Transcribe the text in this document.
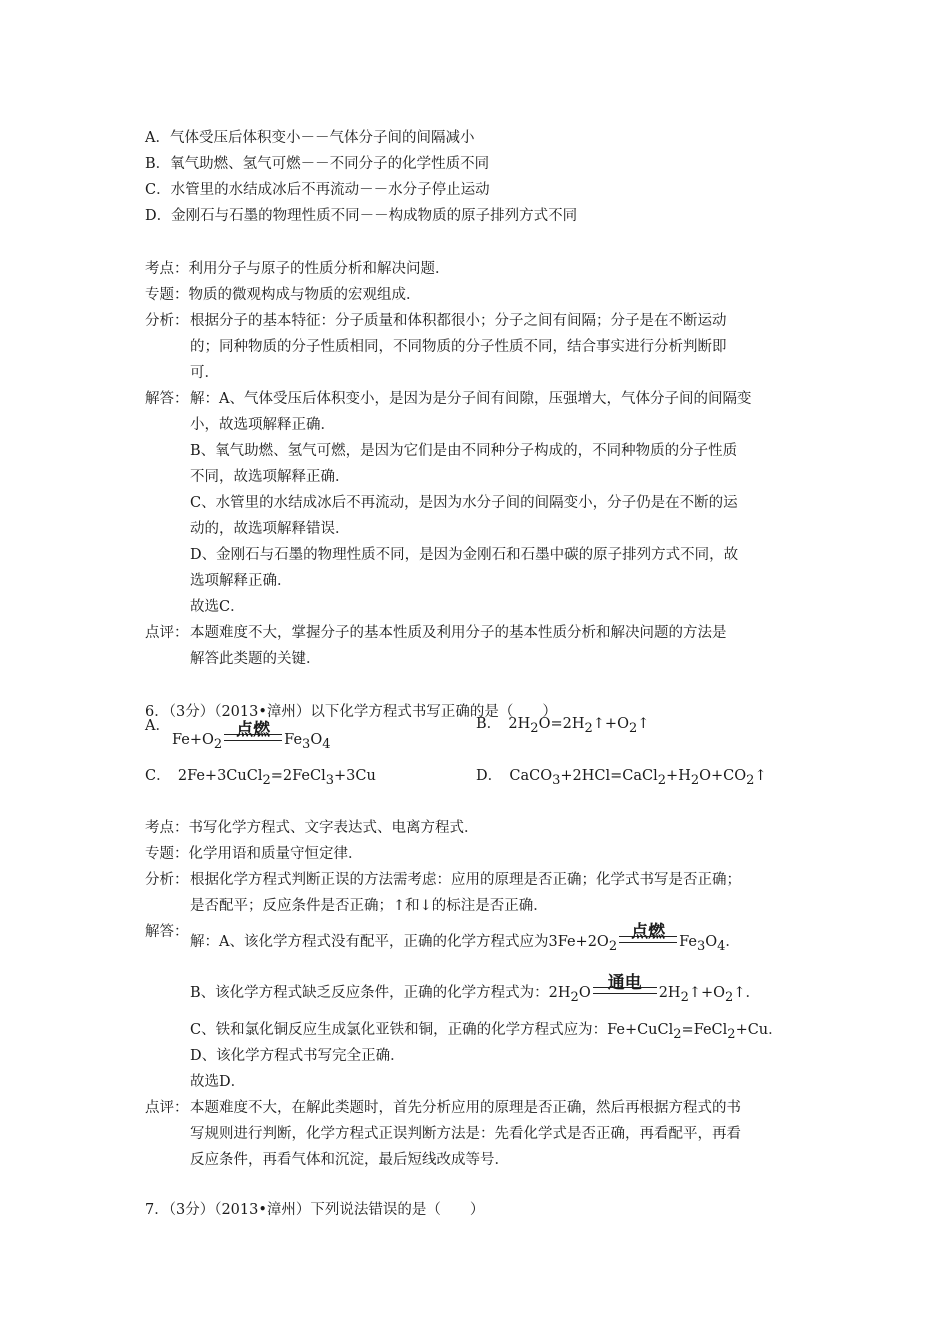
A．气体受压后体积变小－－气体分子间的间隔减小
B．氧气助燃、氢气可燃－－不同分子的化学性质不同
C．水管里的水结成冰后不再流动－－水分子停止运动
D．金刚石与石墨的物理性质不同－－构成物质的原子排列方式不同
考点：利用分子与原子的性质分析和解决问题．
专题：物质的微观构成与物质的宏观组成．
分析： 根据分子的基本特征：分子质量和体积都很小；分子之间有间隔；分子是在不断运动
的；同种物质的分子性质相同，不同物质的分子性质不同，结合事实进行分析判断即
可．
解答： 解：A、气体受压后体积变小，是因为是分子间有间隙，压强增大，气体分子间的间隔变
小，故选项解释正确．
B、氧气助燃、氢气可燃，是因为它们是由不同种分子构成的，不同种物质的分子性质
不同，故选项解释正确．
C、水管里的水结成冰后不再流动，是因为水分子间的间隔变小，分子仍是在不断的运
动的，故选项解释错误．
D、金刚石与石墨的物理性质不同，是因为金刚石和石墨中碳的原子排列方式不同，故
选项解释正确．
故选C．
点评： 本题难度不大，掌握分子的基本性质及利用分子的基本性质分析和解决问题的方法是
解答此类题的关键．
6．（3分）（2013•漳州）以下化学方程式书写正确的是（　　）
A．
$Fe+O_2$
点燃 $Fe_3O_4$
B．　$2H_2O=2H_2↑+O_2↑$
C．　2Fe+3CuCl$_2$=2FeCl$_3$+3Cu	D．　$CaCO_3+2HCl=CaCl_2+H_2O+CO_2↑$
考点：书写化学方程式、文字表达式、电离方程式．
专题：化学用语和质量守恒定律．
分析： 根据化学方程式判断正误的方法需考虑：应用的原理是否正确；化学式书写是否正确；
是否配平；反应条件是否正确；↑和↓的标注是否正确．
解答：
解：A、该化学方程式没有配平，正确的化学方程式应为$3Fe+2O_2$
点燃 $Fe_3O_4$．
B、该化学方程式缺乏反应条件，正确的化学方程式为：$2H_2O$	通电	$2H_2↑+O_2↑$．
C、铁和氯化铜反应生成氯化亚铁和铜，正确的化学方程式应为：Fe+CuCl$_2$=FeCl$_2$+Cu．
D、该化学方程式书写完全正确．
故选D．
点评： 本题难度不大，在解此类题时，首先分析应用的原理是否正确，然后再根据方程式的书
写规则进行判断，化学方程式正误判断方法是：先看化学式是否正确，再看配平，再看
反应条件，再看气体和沉淀，最后短线改成等号．
7．（3分）（2013•漳州）下列说法错误的是（　　）
